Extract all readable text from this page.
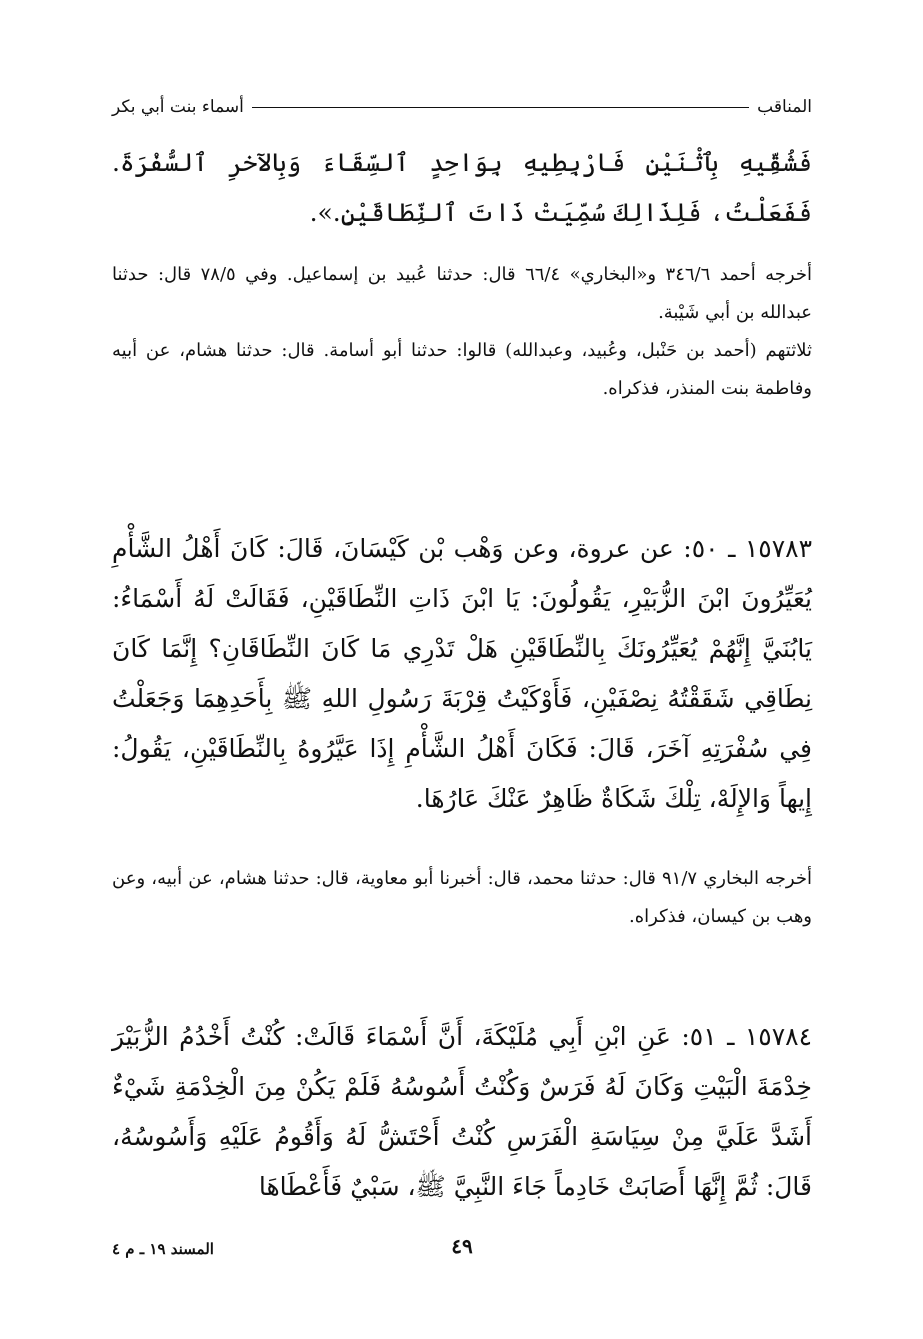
المناقب
أسماء بنت أبي بكر

فَشُقِّيهِ بِٱثْنَيْنِ فَارْبِطِيهِ بِوَاحِدٍ ٱلسِّقَاءَ وَبِالآخرِ ٱلسُّفْرَةَ. فَفَعَلْتُ، فَلِذَالِكَ سُمِّيَتْ ذَاتَ ٱلنِّطَاقَيْنِ.».

أخرجه أحمد ٣٤٦/٦ و«البخاري» ٦٦/٤ قال: حدثنا عُبيد بن إسماعيل. وفي ٧٨/٥ قال: حدثنا عبدالله بن أبي شَيْبة.

ثلاثتهم (أحمد بن حَنْبل، وعُبيد، وعبدالله) قالوا: حدثنا أبو أسامة. قال: حدثنا هشام، عن أبيه وفاطمة بنت المنذر، فذكراه.

١٥٧٨٣ ـ ٥٠: عن عروة، وعن وَهْب بْن كَيْسَانَ، قَالَ: كَانَ أَهْلُ الشَّأْمِ يُعَيِّرُونَ ابْنَ الزُّبَيْرِ، يَقُولُونَ: يَا ابْنَ ذَاتِ النِّطَاقَيْنِ، فَقَالَتْ لَهُ أَسْمَاءُ: يَابُنَيَّ إِنَّهُمْ يُعَيِّرُونَكَ بِالنِّطَاقَيْنِ هَلْ تَدْرِي مَا كَانَ النِّطَاقَانِ؟ إِنَّمَا كَانَ نِطَاقِي شَقَقْتُهُ نِصْفَيْنِ، فَأَوْكَيْتُ قِرْبَةَ رَسُولِ اللهِ ﷺ بِأَحَدِهِمَا وَجَعَلْتُ فِي سُفْرَتِهِ آخَرَ، قَالَ: فَكَانَ أَهْلُ الشَّأْمِ إِذَا عَيَّرُوهُ بِالنِّطَاقَيْنِ، يَقُولُ: إِيهاً وَالإِلَهْ، تِلْكَ شَكَاةٌ ظَاهِرٌ عَنْكَ عَارُهَا.

أخرجه البخاري ٩١/٧ قال: حدثنا محمد، قال: أخبرنا أبو معاوية، قال: حدثنا هشام، عن أبيه، وعن وهب بن كيسان، فذكراه.

١٥٧٨٤ ـ ٥١: عَنِ ابْنِ أَبِي مُلَيْكَةَ، أَنَّ أَسْمَاءَ قَالَتْ: كُنْتُ أَخْدُمُ الزُّبَيْرَ خِدْمَةَ الْبَيْتِ وَكَانَ لَهُ فَرَسٌ وَكُنْتُ أَسُوسُهُ فَلَمْ يَكُنْ مِنَ الْخِدْمَةِ شَيْءٌ أَشَدَّ عَلَيَّ مِنْ سِيَاسَةِ الْفَرَسِ كُنْتُ أَحْتَشُّ لَهُ وَأَقُومُ عَلَيْهِ وَأَسُوسُهُ، قَالَ: ثُمَّ إِنَّهَا أَصَابَتْ خَادِماً جَاءَ النَّبِيَّ ﷺ، سَبْيٌ فَأَعْطَاهَا

٤٩
المسند ١٩ ـ م ٤
